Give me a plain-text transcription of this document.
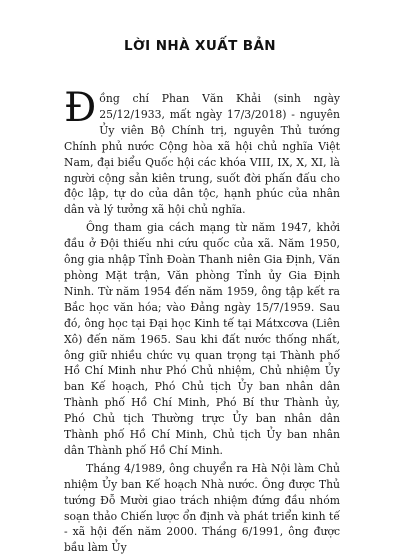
LỜI NHÀ XUẤT BẢN

Đồng chí Phan Văn Khải (sinh ngày 25/12/1933, mất ngày 17/3/2018) - nguyên Ủy viên Bộ Chính trị, nguyên Thủ tướng Chính phủ nước Cộng hòa xã hội chủ nghĩa Việt Nam, đại biểu Quốc hội các khóa VIII, IX, X, XI, là người cộng sản kiên trung, suốt đời phấn đấu cho độc lập, tự do của dân tộc, hạnh phúc của nhân dân và lý tưởng xã hội chủ nghĩa.

Ông tham gia cách mạng từ năm 1947, khởi đầu ở Đội thiếu nhi cứu quốc của xã. Năm 1950, ông gia nhập Tỉnh Đoàn Thanh niên Gia Định, Văn phòng Mặt trận, Văn phòng Tỉnh ủy Gia Định Ninh. Từ năm 1954 đến năm 1959, ông tập kết ra Bắc học văn hóa; vào Đảng ngày 15/7/1959. Sau đó, ông học tại Đại học Kinh tế tại Mátxcơva (Liên Xô) đến năm 1965. Sau khi đất nước thống nhất, ông giữ nhiều chức vụ quan trọng tại Thành phố Hồ Chí Minh như Phó Chủ nhiệm, Chủ nhiệm Ủy ban Kế hoạch, Phó Chủ tịch Ủy ban nhân dân Thành phố Hồ Chí Minh, Phó Bí thư Thành ủy, Phó Chủ tịch Thường trực Ủy ban nhân dân Thành phố Hồ Chí Minh, Chủ tịch Ủy ban nhân dân Thành phố Hồ Chí Minh.

Tháng 4/1989, ông chuyển ra Hà Nội làm Chủ nhiệm Ủy ban Kế hoạch Nhà nước. Ông được Thủ tướng Đỗ Mười giao trách nhiệm đứng đầu nhóm soạn thảo Chiến lược ổn định và phát triển kinh tế - xã hội đến năm 2000. Tháng 6/1991, ông được bầu làm Ủy
